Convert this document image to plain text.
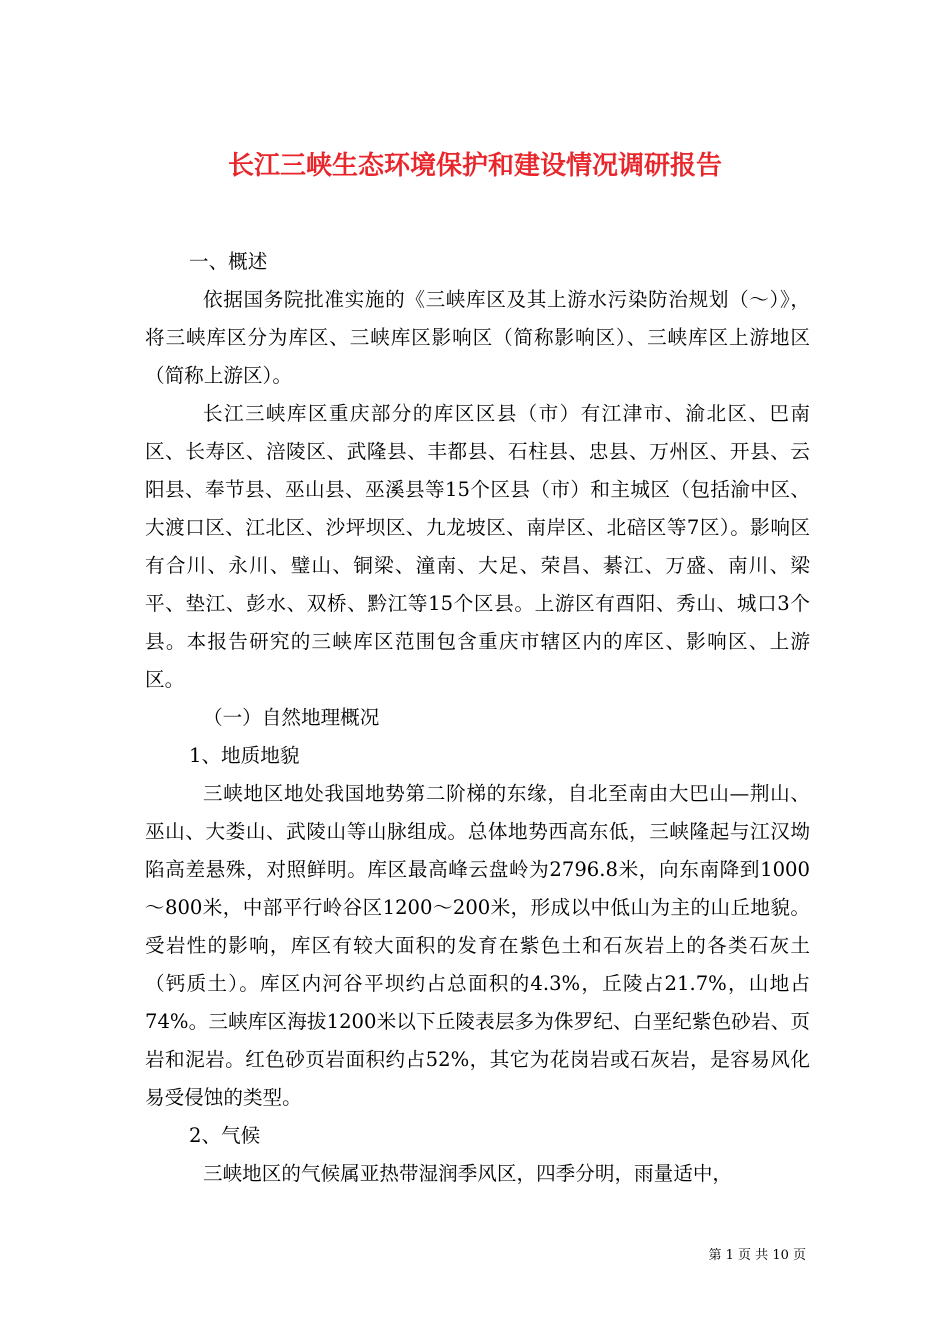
长江三峡生态环境保护和建设情况调研报告

一、概述

依据国务院批准实施的《三峡库区及其上游水污染防治规划（～）》，将三峡库区分为库区、三峡库区影响区（简称影响区）、三峡库区上游地区（简称上游区）。

长江三峡库区重庆部分的库区区县（市）有江津市、渝北区、巴南区、长寿区、涪陵区、武隆县、丰都县、石柱县、忠县、万州区、开县、云阳县、奉节县、巫山县、巫溪县等15个区县（市）和主城区（包括渝中区、大渡口区、江北区、沙坪坝区、九龙坡区、南岸区、北碚区等7区）。影响区有合川、永川、璧山、铜梁、潼南、大足、荣昌、綦江、万盛、南川、梁平、垫江、彭水、双桥、黔江等15个区县。上游区有酉阳、秀山、城口3个县。本报告研究的三峡库区范围包含重庆市辖区内的库区、影响区、上游区。

（一）自然地理概况

1、地质地貌

三峡地区地处我国地势第二阶梯的东缘，自北至南由大巴山—荆山、巫山、大娄山、武陵山等山脉组成。总体地势西高东低，三峡隆起与江汉坳陷高差悬殊，对照鲜明。库区最高峰云盘岭为2796.8米，向东南降到1000～800米，中部平行岭谷区1200～200米，形成以中低山为主的山丘地貌。受岩性的影响，库区有较大面积的发育在紫色土和石灰岩上的各类石灰土（钙质土）。库区内河谷平坝约占总面积的4.3%，丘陵占21.7%，山地占74%。三峡库区海拔1200米以下丘陵表层多为侏罗纪、白垩纪紫色砂岩、页岩和泥岩。红色砂页岩面积约占52%，其它为花岗岩或石灰岩，是容易风化易受侵蚀的类型。

2、气候

三峡地区的气候属亚热带湿润季风区，四季分明，雨量适中，

第 1 页 共 10 页
